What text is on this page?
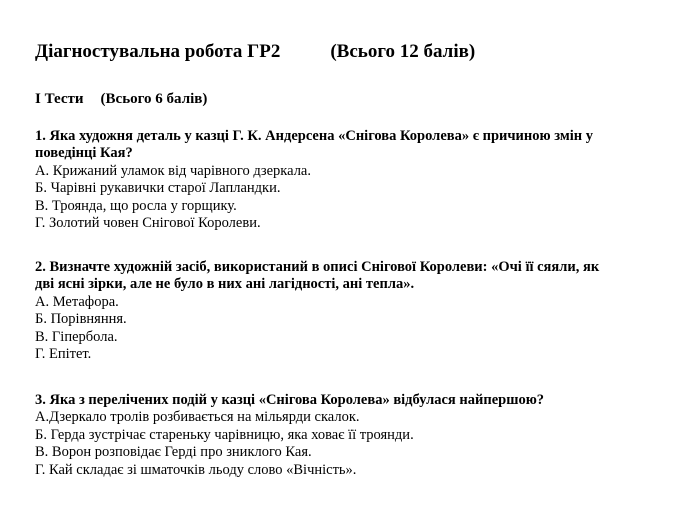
Діагностувальна робота ГР2	(Всього 12 балів)
І Тести (Всього 6 балів)
1. Яка художня деталь у казці Г. К. Андерсена «Снігова Королева» є причиною змін у
поведінці Кая?
А. Крижаний уламок від чарівного дзеркала.
Б. Чарівні рукавички старої Лапландки.
В. Троянда, що росла у горщику.
Г. Золотий човен Снігової Королеви.
2. Визначте художній засіб, використаний в описі Снігової Королеви: «Очі її сяяли, як
дві ясні зірки, але не було в них ані лагідності, ані тепла».
А. Метафора.
Б. Порівняння.
В. Гіпербола.
Г. Епітет.
3. Яка з перелічених подій у казці «Снігова Королева» відбулася найпершою?
А.Дзеркало тролів розбивається на мільярди скалок.
Б. Герда зустрічає стареньку чарівницю, яка ховає її троянди.
В. Ворон розповідає Герді про зниклого Кая.
Г. Кай складає зі шматочків льоду слово «Вічність».
